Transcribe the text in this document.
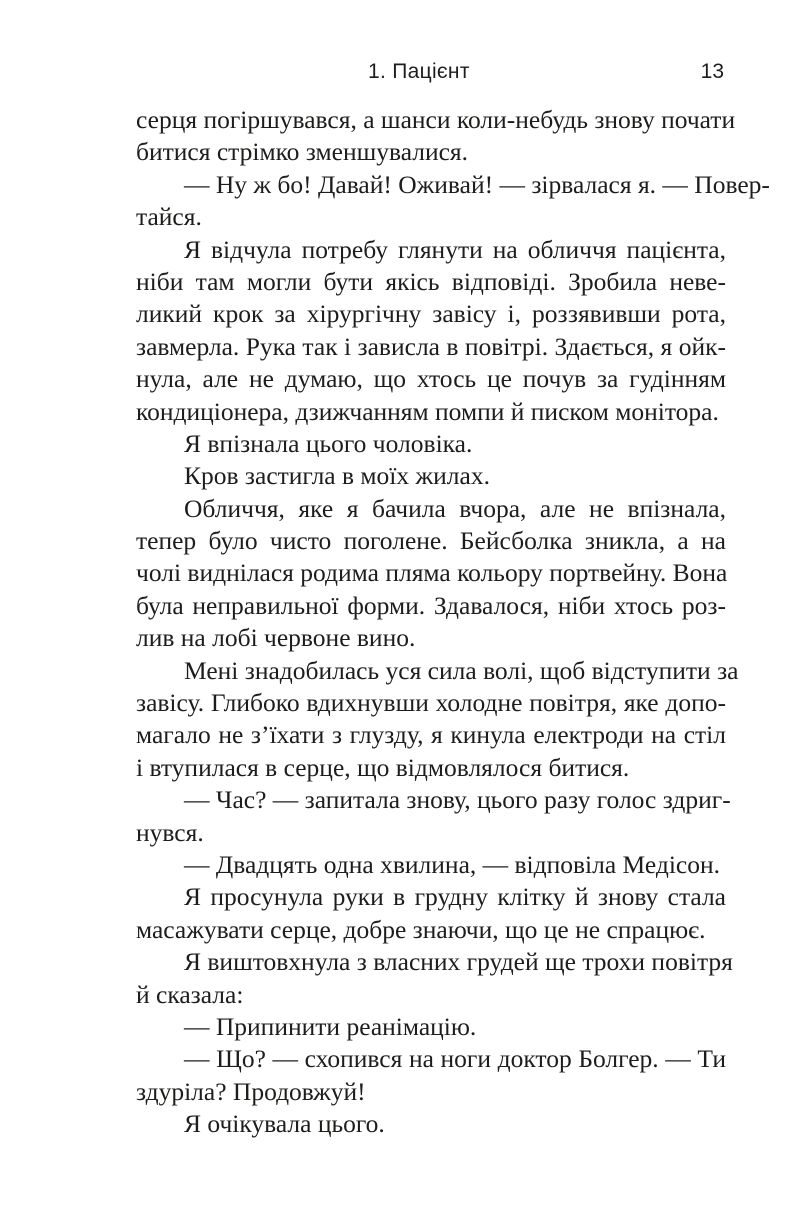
1. Пацієнт	13
серця погіршувався, а шанси коли-небудь знову почати
битися стрімко зменшувалися.
— Ну ж бо! Давай! Оживай! — зірвалася я. — Повер-
тайся.
Я відчула потребу глянути на обличчя пацієнта,
ніби там могли бути якісь відповіді. Зробила неве-
ликий крок за хірургічну завісу і, роззявивши рота,
завмерла. Рука так і зависла в повітрі. Здається, я ойк-
нула, але не думаю, що хтось це почув за гудінням
кондиціонера, дзижчанням помпи й писком монітора.
Я впізнала цього чоловіка.
Кров застигла в моїх жилах.
Обличчя, яке я бачила вчора, але не впізнала,
тепер було чисто поголене. Бейсболка зникла, а на
чолі виднілася родима пляма кольору портвейну. Вона
була неправильної форми. Здавалося, ніби хтось роз-
лив на лобі червоне вино.
Мені знадобилась уся сила волі, щоб відступити за
завісу. Глибоко вдихнувши холодне повітря, яке допо-
магало не з’їхати з глузду, я кинула електроди на стіл
і втупилася в серце, що відмовлялося битися.
— Час? — запитала знову, цього разу голос здриг-
нувся.
— Двадцять одна хвилина, — відповіла Медісон.
Я просунула руки в грудну клітку й знову стала
масажувати серце, добре знаючи, що це не спрацює.
Я виштовхнула з власних грудей ще трохи повітря
й сказала:
— Припинити реанімацію.
— Що? — схопився на ноги доктор Болгер. — Ти
здуріла? Продовжуй!
Я очікувала цього.
